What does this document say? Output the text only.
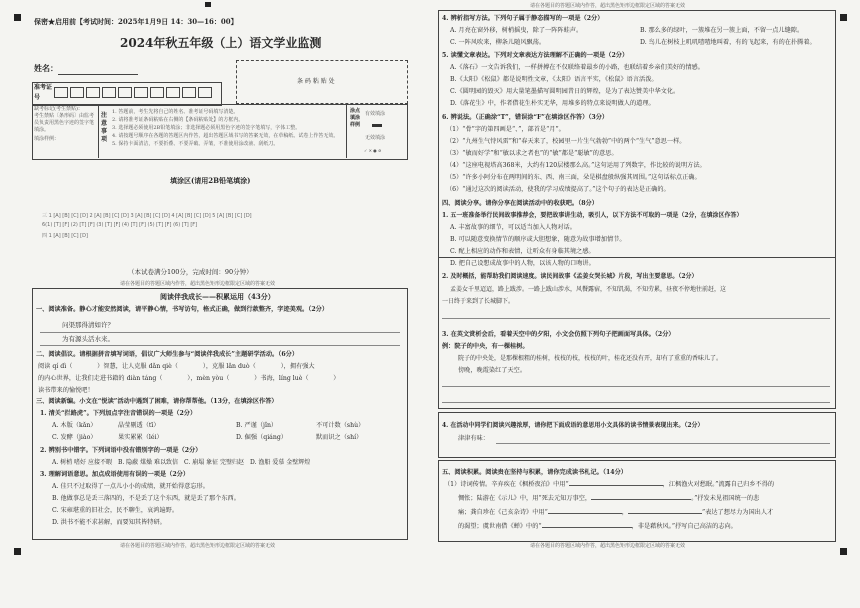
保密★启用前【考试时间：2025年1月9日 14：30—16：00】
2024年秋五年级（上）语文学业监测
姓名：
条 码 粘 贴 处
准考证号
缺考标记(考生禁贴)：
考生禁贴〔条形码〕由监考员负责用黑色字迹的签字笔填涂。
填涂样例：
注意事项
1. 答题前，考生先将自己的姓名、准考证号码填写清楚。
2. 请将准考证条码粘贴在右侧的【条码粘贴处】的方框内。
3. 选择题必须使用2B铅笔填涂；非选择题必须用黑色字迹的签字笔填写，字体工整。
4. 请按题号顺序在各题的答题区内作答，超出答题区域书写的答案无效，在草稿纸、试卷上作答无效。
5. 保持卡面清洁，不要折叠、不要弄破、弄皱，不准使用涂改液、刮纸刀。
涂点填涂样例
有效填涂
无效填涂
✓ ✕ ● ⊘
填涂区(请用2B铅笔填涂)
三 1 [A] [B] [C] [D] 2 [A] [B] [C] [D] 3 [A] [B] [C] [D] 4 [A] [B] [C] [D] 5 [A] [B] [C] [D]
6(1) [T] [F] (2) [T] [F] (3) [T] [F] (4) [T] [F] (5) [T] [F] (6) [T] [F]
四 1 [A] [B] [C] [D]
（本试卷满分100分，完成时间：90分钟）
请在各题目的答题区域内作答，超出黑色矩形边框限定区域的答案无效
阅读伴我成长——积累运用（43分）
一、阅读准备。静心才能安然阅读，请平静心情，书写访句，格式正确，做到行款整齐，字迹美观。（2分）
问渠那得清如许？
为有源头活水来。
二、阅读倡议。请根据拼音填写词语，倡议广大师生参与“阅读伴我成长”主题研学活动。（6分）
阅读 qí dì（　　　　）智慧，让人克服 dǎn qiè（　　　　），克服 lǎn duò（　　　　），拥有强大
的内心世界，让我们走进书籍的 diàn táng（　　　　），mèn yòu（　　　　）书海，líng luè（　　　　）
读书带来的愉悦吧！
三、阅读新编。小文在“悦读”活动中遇到了困难，请你帮帮他。（13分，在填涂区作答）
1. 清关“拦路虎”。下列加点字注音错误的一项是（2分）
A. 木版（kǎn）	晶莹剔透（tī）	B. 严谨（jǐn）	不可计数（shù）
C. 发酵（jiào）	果实累累（léi）	D. 倔强（qiáng）	默而识之（shí）
2. 辨别书中错字。下列词语中没有错别字的一项是（2分）
A. 树梢 嗜好 应接不暇　B. 隐蔽 煤燥 难以致信　C. 崩塌 象征 完璧归赵　D. 渔船 爱慕 金壁辉煌
3. 理解词语意思。加点成语使用有误的一项是（2分）
A. 佳只不过取得了一点儿小小的成绩，就开始得意忘形。
B. 他做事总是丢三落四的，不是丢了这个东西，就是丢了那个东西。
C. 宋雍堪重的旧社会，民不聊生，哀鸿遍野。
D. 洪书不能不求甚解，而要知其皆特研。
请在各题目的答题区域内作答，超出黑色矩形边框限定区域的答案无效
请在各题目的答题区域内作答，超出黑色矩形边框限定区域的答案无效
4. 辨析指写方法。下列句子属于静态描写的一项是（2分）
A. 月亮在窗外移，树梢摇曳，除了一阵阵蛙声。	B. 那么多的绿叶，一簇堆在另一簇上面，不留一点儿缝隙。
C. 一阵风吹来，柳条儿随风飘荡。	D. 鸟儿在树枝上叽叽喳喳地叫着，有的飞起来，有的在扑腾着。
5. 读懂文章表达。下列对文章表达方法理解不正确的一项是（2分）
A.《落石》一文告诉我们，一样拼搏在不仅联络着最乡的小路，也联结着乡亲们美好的情感。
B.《太阳》《松鼠》都是说明性文章，《太阳》语言平实，《松鼠》语言活泼。
C.《圆明园的毁灭》用大量笔墨描写圆明园昔日的辉煌，是为了表达赞美中华文化。
D.《落花生》中，作者借花生朴实无华，用堆多的特点来说明做人的道理。
6. 辨说法。（正确涂“T”，错误涂“F”在填涂区作答）（3分）
（1）“骨”字的第四画是“、”，部首是“月”。
（2）“九州生气恃风雷”和“春天来了，校园里一片生气勃勃”中的两个“生气”意思一样。
（3）“敏而好学”和“敏以求之者也”的“敏”都是“聪敏”的意思。
（4）“这座电视塔高368米，大约有120层楼那么高。”这句运用了列数字，作比较的说明方法。
（5）“许多小阿分布在两明间的东、西、南三面，朵是棋盘般纵强其周围。”这句话标点正确。
（6）“通过这次的阅读活动，使我的学习成绩提高了。”这个句子的表达是正确的。
四、阅读分享。请你分享在阅读活动中的收获吧。（8分）
1. 五一班准备举行民间故事推荐会，要把故事讲生动，吸引人，以下方法不可取的一项是（2分，在填涂区作答）
A. 丰富故事的细节，可以适当加入人物对话。
B. 可以随意变换情节的顺序或大胆想象，随意为故事增加情节。
C. 配上相应的动作和表情，让听众有身临其境之感。
D. 把自己设想成故事中的人物，以该人物的口吻讲。
2. 及时概括，能帮助我们阅读速度。读民间故事《孟姜女哭长城》片段，写出主要意思。（2分）
孟姜女千里迢迢，路上跋涉。一路上跋山涉水，风餐露宿，不知饥渴，不知劳累，昼夜不停地往前赶，这
一日终于来到了长城脚下。
3. 在英文赏析会后，看着天空中的夕阳，小文会仿照下列句子把画面写具体。（2分）
例：院子的中央，有一棵桂树。
院子的中央处，是那棵根粗的桂树，枝枝的枝，枝枝的叶，桂花还没有开，却有了重重的香味儿了。
傍晚，晚霞染红了天空。
4. 在活动中同学们阅读兴趣浓厚，请你把下面成语的意思用小文具体的读书情景表现出来。（2分）
津津有味：
五、阅读积累。阅读贵在坚持与积累，请你完成读书札记。（14分）
（1）诗词传情。辛弃疾在《枫桥夜泊》中用“	，江枫渔火对愁眠。”流露自己归乡不得的
惆怅；陆游在《示儿》中，用“死去元知万事空，	。”抒发未见祖国统一的悲
痛；龚自珍在《己亥杂诗》中用“	，	”表达了想尽力为国出人才
的渴望；虞世南借《蝉》中的“	，非是藉秋风。”抒写自己高洁的志向。
请在各题目的答题区域内作答，超出黑色矩形边框限定区域的答案无效
